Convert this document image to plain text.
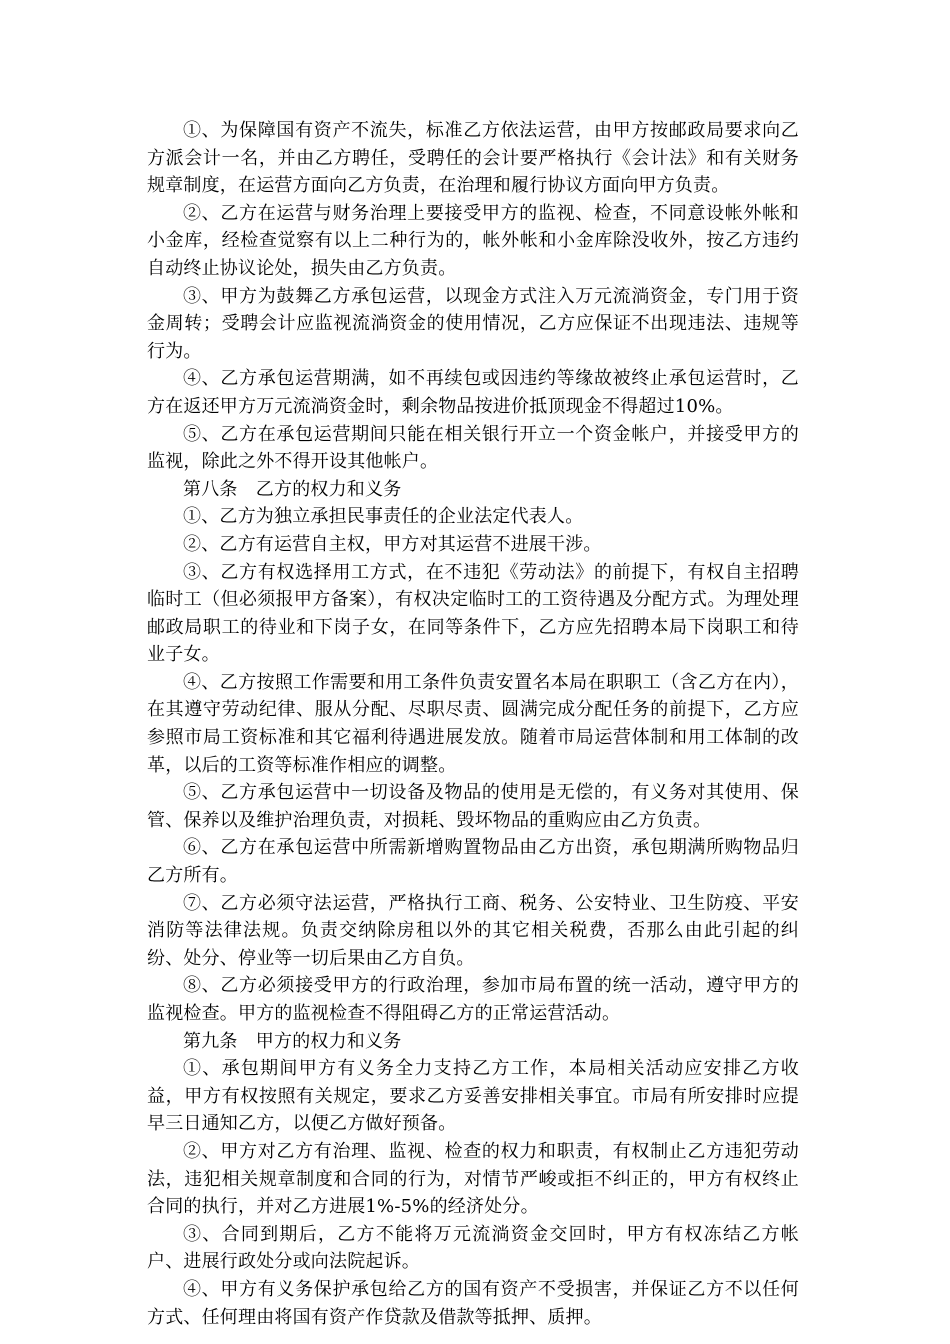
①、为保障国有资产不流失，标准乙方依法运营，由甲方按邮政局要求向乙方派会计一名，并由乙方聘任，受聘任的会计要严格执行《会计法》和有关财务规章制度，在运营方面向乙方负责，在治理和履行协议方面向甲方负责。

②、乙方在运营与财务治理上要接受甲方的监视、检查，不同意设帐外帐和小金库，经检查觉察有以上二种行为的，帐外帐和小金库除没收外，按乙方违约自动终止协议论处，损失由乙方负责。

③、甲方为鼓舞乙方承包运营，以现金方式注入万元流淌资金，专门用于资金周转；受聘会计应监视流淌资金的使用情况，乙方应保证不出现违法、违规等行为。

④、乙方承包运营期满，如不再续包或因违约等缘故被终止承包运营时，乙方在返还甲方万元流淌资金时，剩余物品按进价抵顶现金不得超过10%。

⑤、乙方在承包运营期间只能在相关银行开立一个资金帐户，并接受甲方的监视，除此之外不得开设其他帐户。

第八条　乙方的权力和义务

①、乙方为独立承担民事责任的企业法定代表人。

②、乙方有运营自主权，甲方对其运营不进展干涉。

③、乙方有权选择用工方式，在不违犯《劳动法》的前提下，有权自主招聘临时工（但必须报甲方备案），有权决定临时工的工资待遇及分配方式。为理处理邮政局职工的待业和下岗子女，在同等条件下，乙方应先招聘本局下岗职工和待业子女。

④、乙方按照工作需要和用工条件负责安置名本局在职职工（含乙方在内），在其遵守劳动纪律、服从分配、尽职尽责、圆满完成分配任务的前提下，乙方应参照市局工资标准和其它福利待遇进展发放。随着市局运营体制和用工体制的改革，以后的工资等标准作相应的调整。

⑤、乙方承包运营中一切设备及物品的使用是无偿的，有义务对其使用、保管、保养以及维护治理负责，对损耗、毁坏物品的重购应由乙方负责。

⑥、乙方在承包运营中所需新增购置物品由乙方出资，承包期满所购物品归乙方所有。

⑦、乙方必须守法运营，严格执行工商、税务、公安特业、卫生防疫、平安消防等法律法规。负责交纳除房租以外的其它相关税费，否那么由此引起的纠纷、处分、停业等一切后果由乙方自负。

⑧、乙方必须接受甲方的行政治理，参加市局布置的统一活动，遵守甲方的监视检查。甲方的监视检查不得阻碍乙方的正常运营活动。

第九条　甲方的权力和义务

①、承包期间甲方有义务全力支持乙方工作，本局相关活动应安排乙方收益，甲方有权按照有关规定，要求乙方妥善安排相关事宜。市局有所安排时应提早三日通知乙方，以便乙方做好预备。

②、甲方对乙方有治理、监视、检查的权力和职责，有权制止乙方违犯劳动法，违犯相关规章制度和合同的行为，对情节严峻或拒不纠正的，甲方有权终止合同的执行，并对乙方进展1%-5%的经济处分。

③、合同到期后，乙方不能将万元流淌资金交回时，甲方有权冻结乙方帐户、进展行政处分或向法院起诉。

④、甲方有义务保护承包给乙方的国有资产不受损害，并保证乙方不以任何方式、任何理由将国有资产作贷款及借款等抵押、质押。
